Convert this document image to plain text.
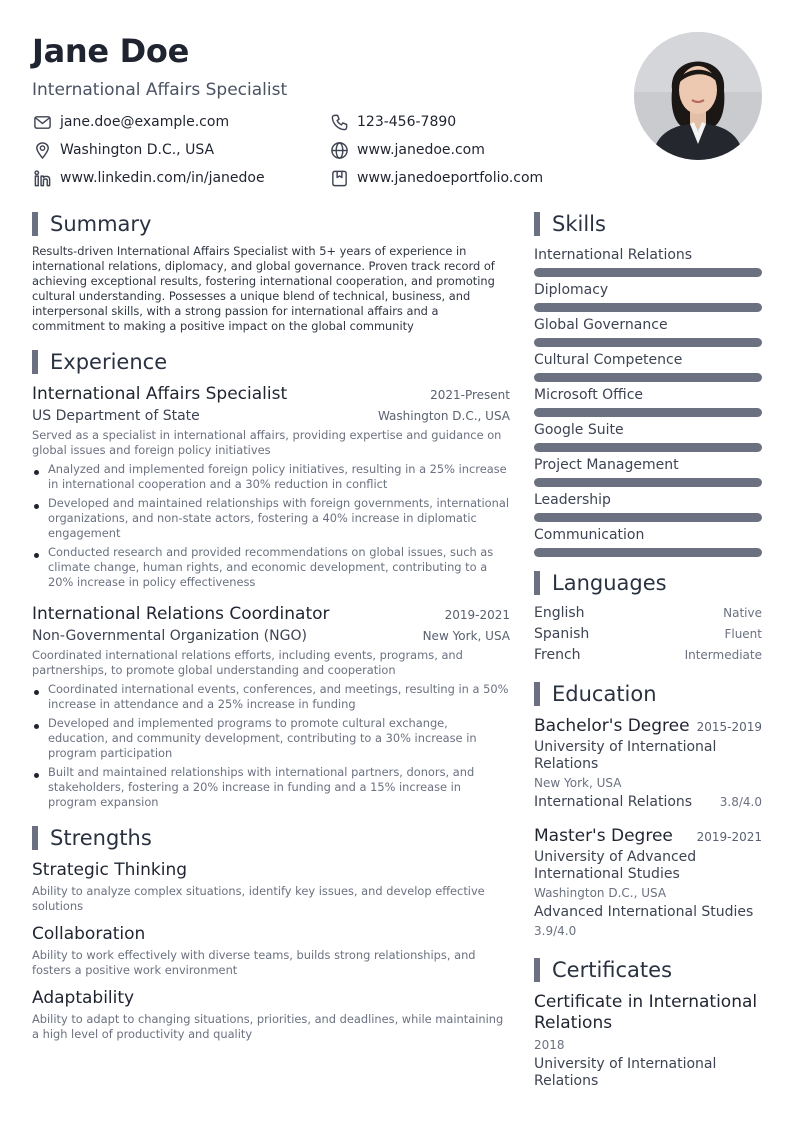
Jane Doe
International Affairs Specialist
jane.doe@example.com	123-456-7890
Washington D.C., USA	www.janedoe.com
www.linkedin.com/in/janedoe	www.janedoeportfolio.com
Summary
Results-driven International Affairs Specialist with 5+ years of experience in international relations, diplomacy, and global governance. Proven track record of achieving exceptional results, fostering international cooperation, and promoting cultural understanding. Possesses a unique blend of technical, business, and interpersonal skills, with a strong passion for international affairs and a commitment to making a positive impact on the global community
Experience
International Affairs Specialist	2021-Present
US Department of State	Washington D.C., USA
Served as a specialist in international affairs, providing expertise and guidance on global issues and foreign policy initiatives
Analyzed and implemented foreign policy initiatives, resulting in a 25% increase in international cooperation and a 30% reduction in conflict
Developed and maintained relationships with foreign governments, international organizations, and non-state actors, fostering a 40% increase in diplomatic engagement
Conducted research and provided recommendations on global issues, such as climate change, human rights, and economic development, contributing to a 20% increase in policy effectiveness
International Relations Coordinator	2019-2021
Non-Governmental Organization (NGO)	New York, USA
Coordinated international relations efforts, including events, programs, and partnerships, to promote global understanding and cooperation
Coordinated international events, conferences, and meetings, resulting in a 50% increase in attendance and a 25% increase in funding
Developed and implemented programs to promote cultural exchange, education, and community development, contributing to a 30% increase in program participation
Built and maintained relationships with international partners, donors, and stakeholders, fostering a 20% increase in funding and a 15% increase in program expansion
Strengths
Strategic Thinking
Ability to analyze complex situations, identify key issues, and develop effective solutions
Collaboration
Ability to work effectively with diverse teams, builds strong relationships, and fosters a positive work environment
Adaptability
Ability to adapt to changing situations, priorities, and deadlines, while maintaining a high level of productivity and quality
Skills
International Relations
Diplomacy
Global Governance
Cultural Competence
Microsoft Office
Google Suite
Project Management
Leadership
Communication
Languages
English	Native
Spanish	Fluent
French	Intermediate
Education
Bachelor's Degree 2015-2019
University of International Relations
New York, USA
International Relations 3.8/4.0
Master's Degree 2019-2021
University of Advanced International Studies
Washington D.C., USA
Advanced International Studies
3.9/4.0
Certificates
Certificate in International Relations
2018
University of International Relations
